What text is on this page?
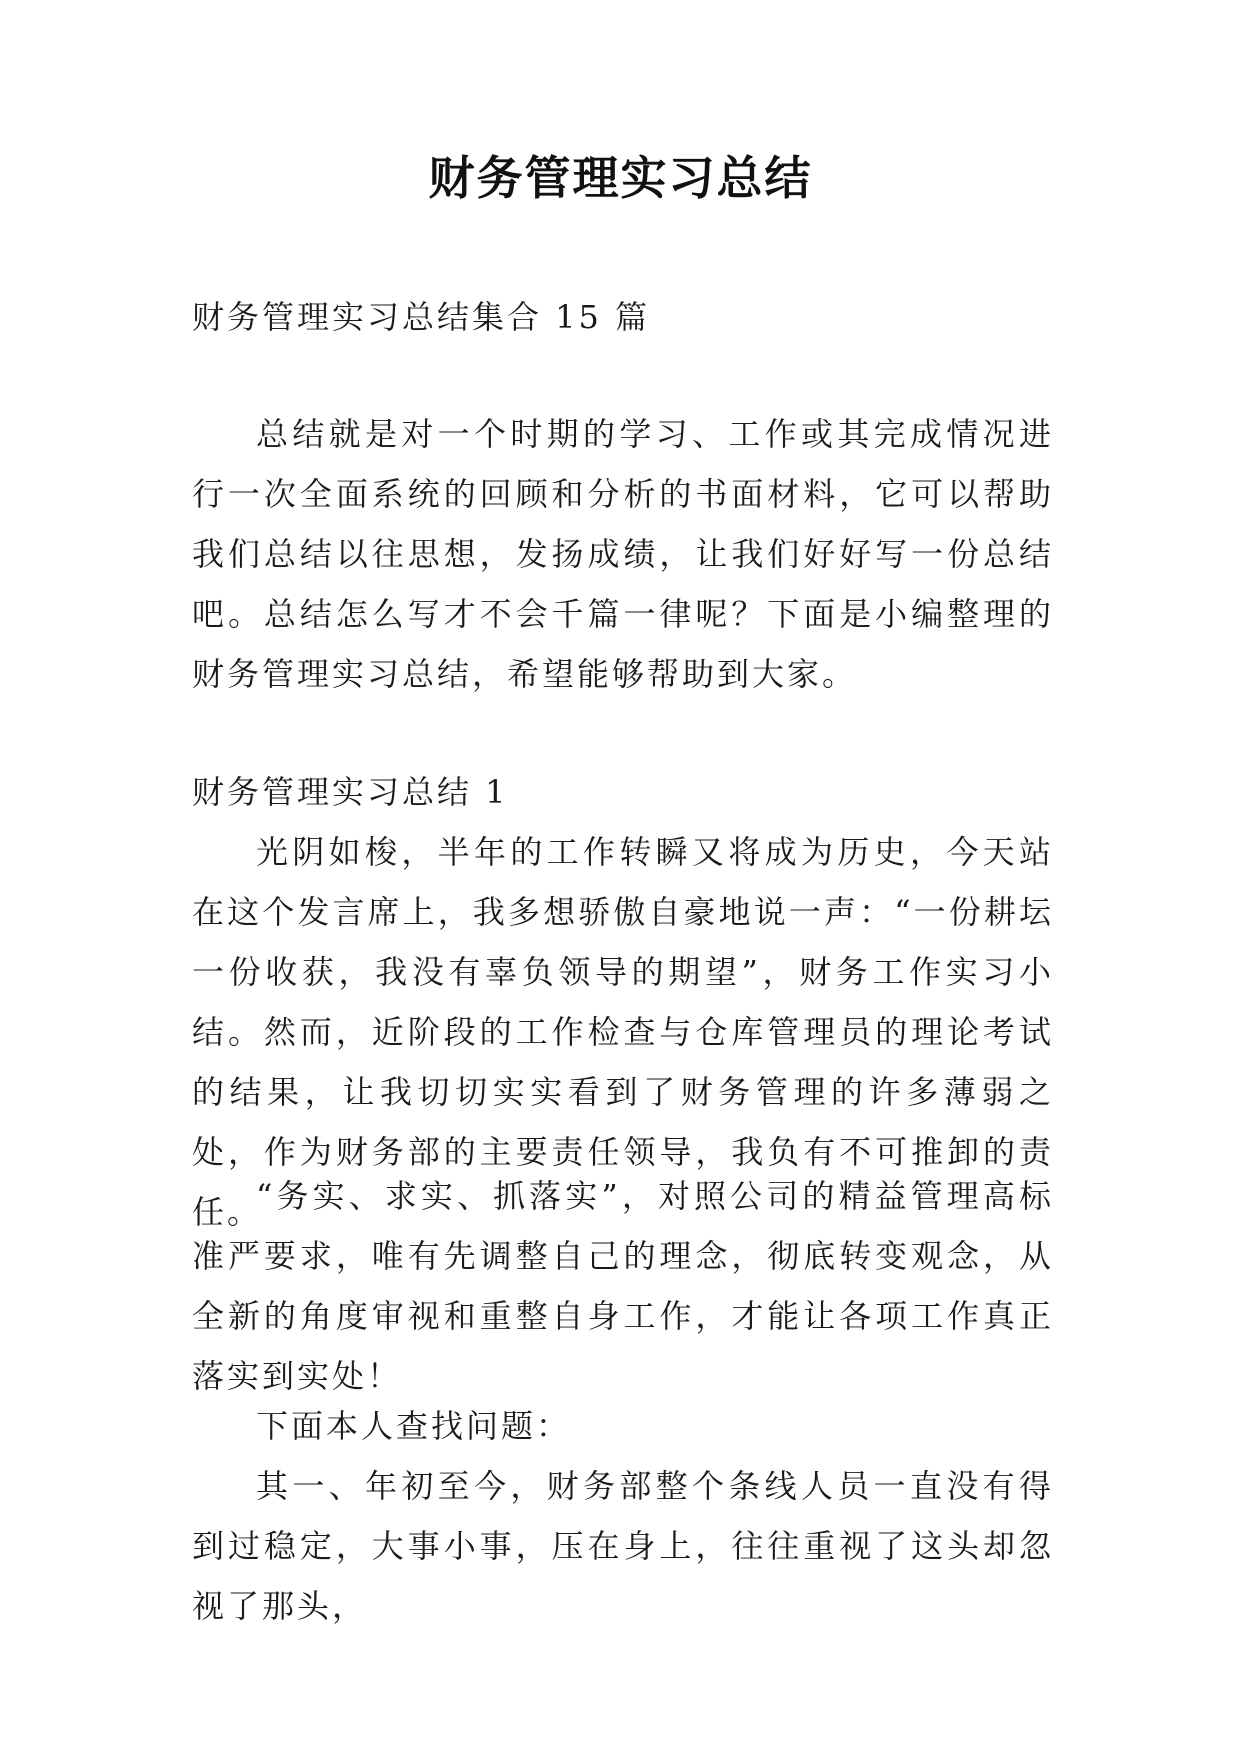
财务管理实习总结

财务管理实习总结集合 15 篇

总结就是对一个时期的学习、工作或其完成情况进行一次全面系统的回顾和分析的书面材料，它可以帮助我们总结以往思想，发扬成绩，让我们好好写一份总结吧。总结怎么写才不会千篇一律呢？下面是小编整理的财务管理实习总结，希望能够帮助到大家。

财务管理实习总结 1

光阴如梭，半年的工作转瞬又将成为历史，今天站在这个发言席上，我多想骄傲自豪地说一声：“一份耕坛一份收获，我没有辜负领导的期望”，财务工作实习小结。然而，近阶段的工作检查与仓库管理员的理论考试的结果，让我切切实实看到了财务管理的许多薄弱之处，作为财务部的主要责任领导，我负有不可推卸的责任。

“务实、求实、抓落实”，对照公司的精益管理高标准严要求，唯有先调整自己的理念，彻底转变观念，从全新的角度审视和重整自身工作，才能让各项工作真正落实到实处！

下面本人查找问题：

其一、年初至今，财务部整个条线人员一直没有得到过稳定，大事小事，压在身上，往往重视了这头却忽视了那头，
